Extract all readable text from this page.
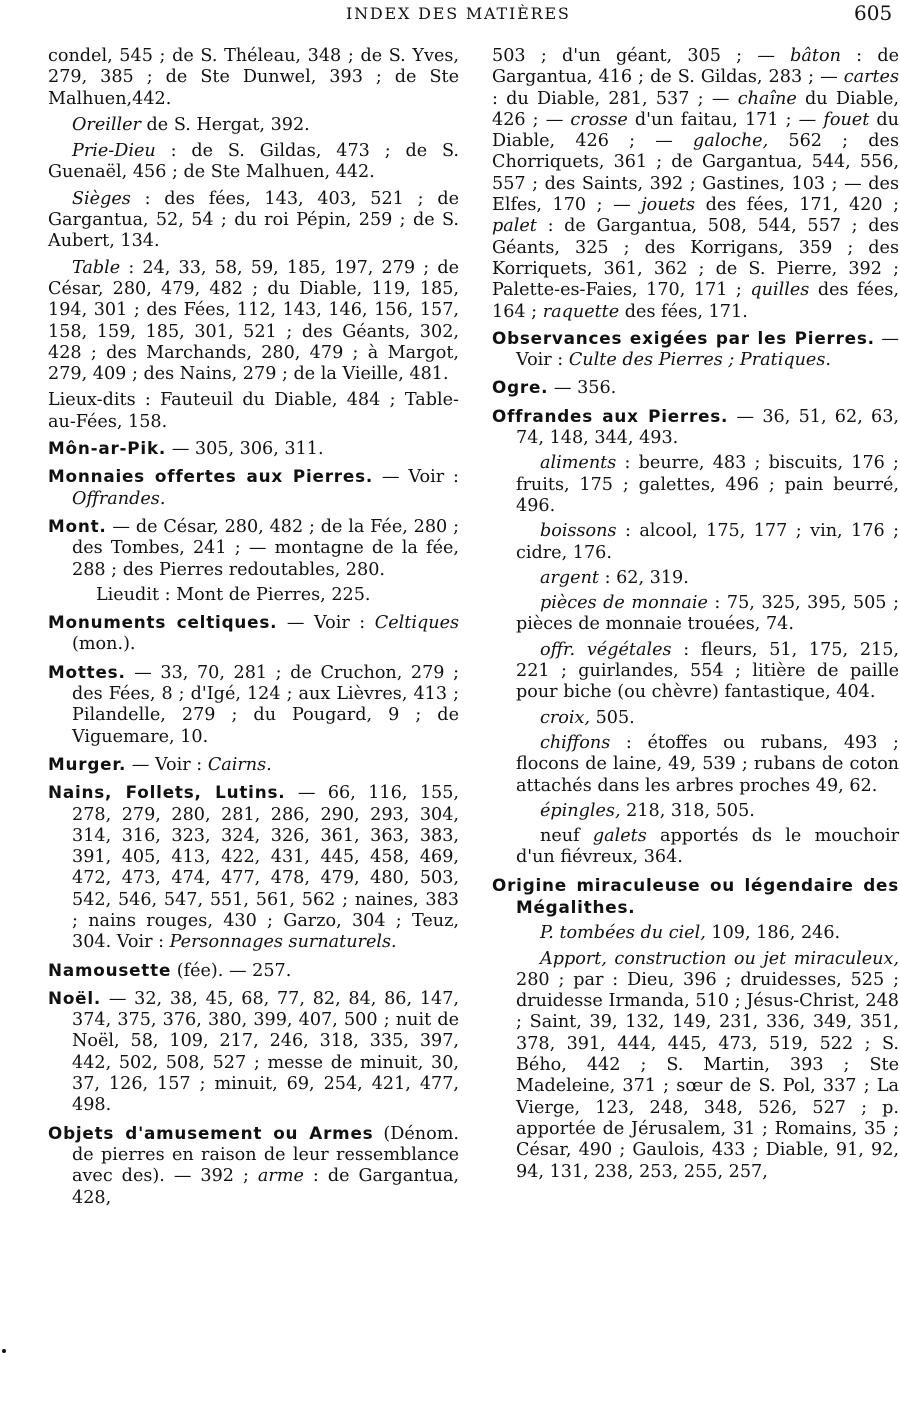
INDEX DES MATIÈRES	605

condel, 545 ; de S. Théleau, 348 ; de S. Yves, 279, 385 ; de Ste Dunwel, 393 ; de Ste Malhuen,442.

Oreiller de S. Hergat, 392.

Prie-Dieu : de S. Gildas, 473 ; de S. Guenaël, 456 ; de Ste Malhuen, 442.

Sièges : des fées, 143, 403, 521 ; de Gargantua, 52, 54 ; du roi Pépin, 259 ; de S. Aubert, 134.

Table : 24, 33, 58, 59, 185, 197, 279 ; de César, 280, 479, 482 ; du Diable, 119, 185, 194, 301 ; des Fées, 112, 143, 146, 156, 157, 158, 159, 185, 301, 521 ; des Géants, 302, 428 ; des Marchands, 280, 479 ; à Margot, 279, 409 ; des Nains, 279 ; de la Vieille, 481.

Lieux-dits : Fauteuil du Diable, 484 ; Table-au-Fées, 158.

Môn-ar-Pik. — 305, 306, 311.

Monnaies offertes aux Pierres. — Voir :Offrandes.

Mont. — de César, 280, 482 ; de la Fée, 280 ; des Tombes, 241 ; — montagne de la fée, 288 ; des Pierres redoutables, 280.

Lieudit : Mont de Pierres, 225.

Monuments celtiques. — Voir : Celtiques(mon.).

Mottes. — 33, 70, 281 ; de Cruchon, 279 ; des Fées, 8 ; d'Igé, 124 ; aux Lièvres, 413 ; Pilandelle, 279 ; du Pougard, 9 ; de Viguemare, 10.

Murger. — Voir : Cairns.

Nains, Follets, Lutins. — 66, 116, 155, 278, 279, 280, 281, 286, 290, 293, 304, 314, 316, 323, 324, 326, 361, 363, 383, 391, 405, 413, 422, 431, 445, 458, 469, 472, 473, 474, 477, 478, 479, 480, 503, 542, 546, 547, 551, 561, 562 ; naines, 383 ; nains rouges, 430 ; Garzo, 304 ; Teuz, 304. Voir : Personnages surnaturels.

Namousette (fée). — 257.

Noël. — 32, 38, 45, 68, 77, 82, 84, 86, 147, 374, 375, 376, 380, 399, 407, 500 ; nuit de Noël, 58, 109, 217, 246, 318, 335, 397, 442, 502, 508, 527 ; messe de minuit, 30, 37, 126, 157 ; minuit, 69, 254, 421, 477, 498.

Objets d'amusement ou Armes (Dénom. de pierres en raison de leur ressemblance avec des). — 392 ; arme : de Gargantua, 428,

503 ; d'un géant, 305 ; — bâton : de Gargantua, 416 ; de S. Gildas, 283 ; — cartes: du Diable, 281, 537 ; — chaîne du Diable, 426 ; — crosse d'un faitau, 171 ; — fouet du Diable, 426 ; — galoche, 562 ; des Chorriquets, 361 ; de Gargantua, 544, 556, 557 ; des Saints, 392 ; Gastines, 103 ; — des Elfes, 170 ; — jouets des fées, 171, 420 ;palet : de Gargantua, 508, 544, 557 ; des Géants, 325 ; des Korrigans, 359 ; des Korriquets, 361, 362 ; de S. Pierre, 392 ; Palette-es-Faies, 170, 171 ; quilles des fées, 164 ; raquette des fées, 171.

Observances exigées par les Pierres. — Voir : Culte des Pierres ; Pratiques.

Ogre. — 356.

Offrandes aux Pierres. — 36, 51, 62, 63, 74, 148, 344, 493.

aliments : beurre, 483 ; biscuits, 176 ; fruits, 175 ; galettes, 496 ; pain beurré, 496.

boissons : alcool, 175, 177 ; vin, 176 ; cidre, 176.

argent : 62, 319.

pièces de monnaie : 75, 325, 395, 505 ; pièces de monnaie trouées, 74.

offr. végétales : fleurs, 51, 175, 215, 221 ; guirlandes, 554 ; litière de paille pour biche (ou chèvre) fantastique, 404.

croix, 505.

chiffons : étoffes ou rubans, 493 ; flocons de laine, 49, 539 ; rubans de coton attachés dans les arbres proches 49, 62.

épingles, 218, 318, 505.

neuf galets apportés ds le mouchoir d'un fiévreux, 364.

Origine miraculeuse ou légendaire des Mégalithes.

P. tombées du ciel, 109, 186, 246.

Apport, construction ou jet miraculeux,280 ; par : Dieu, 396 ; druidesses, 525 ; druidesse Irmanda, 510 ; Jésus-Christ, 248 ; Saint, 39, 132, 149, 231, 336, 349, 351, 378, 391, 444, 445, 473, 519, 522 ; S. Bého, 442 ; S. Martin, 393 ; Ste Madeleine, 371 ; sœur de S. Pol, 337 ; La Vierge, 123, 248, 348, 526, 527 ; p. apportée de Jérusalem, 31 ; Romains, 35 ; César, 490 ; Gaulois, 433 ; Diable, 91, 92, 94, 131, 238, 253, 255, 257,
